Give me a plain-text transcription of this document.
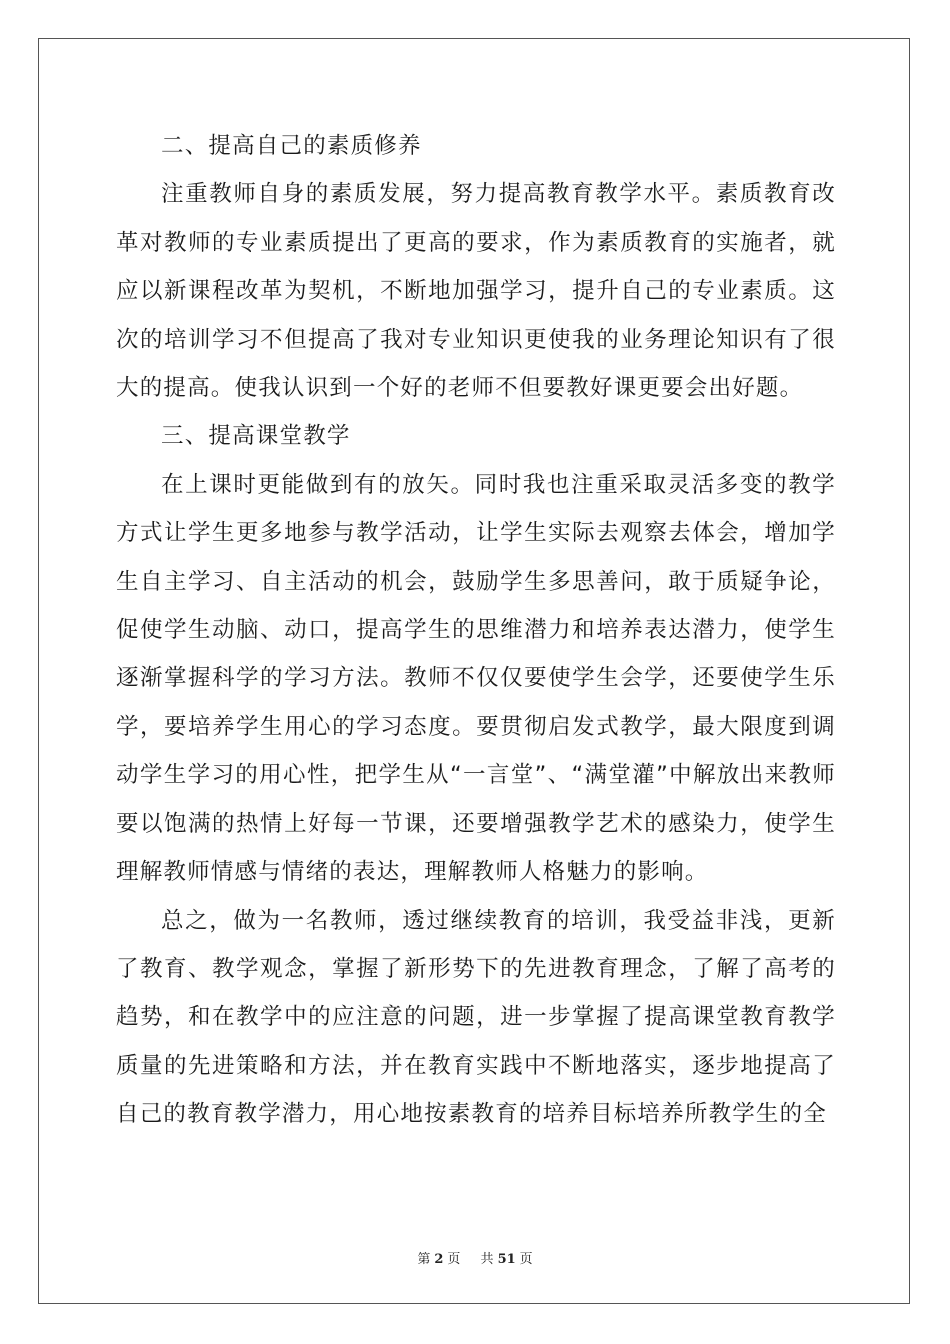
二、提高自己的素质修养

注重教师自身的素质发展，努力提高教育教学水平。素质教育改革对教师的专业素质提出了更高的要求，作为素质教育的实施者，就应以新课程改革为契机，不断地加强学习，提升自己的专业素质。这次的培训学习不但提高了我对专业知识更使我的业务理论知识有了很大的提高。使我认识到一个好的老师不但要教好课更要会出好题。

三、提高课堂教学

在上课时更能做到有的放矢。同时我也注重采取灵活多变的教学方式让学生更多地参与教学活动，让学生实际去观察去体会，增加学生自主学习、自主活动的机会，鼓励学生多思善问，敢于质疑争论，促使学生动脑、动口，提高学生的思维潜力和培养表达潜力，使学生逐渐掌握科学的学习方法。教师不仅仅要使学生会学，还要使学生乐学，要培养学生用心的学习态度。要贯彻启发式教学，最大限度到调动学生学习的用心性，把学生从“一言堂”、“满堂灌”中解放出来教师要以饱满的热情上好每一节课，还要增强教学艺术的感染力，使学生理解教师情感与情绪的表达，理解教师人格魅力的影响。

总之，做为一名教师，透过继续教育的培训，我受益非浅，更新了教育、教学观念，掌握了新形势下的先进教育理念，了解了高考的趋势，和在教学中的应注意的问题，进一步掌握了提高课堂教育教学质量的先进策略和方法，并在教育实践中不断地落实，逐步地提高了自己的教育教学潜力，用心地按素教育的培养目标培养所教学生的全

第 2 页 共 51 页
